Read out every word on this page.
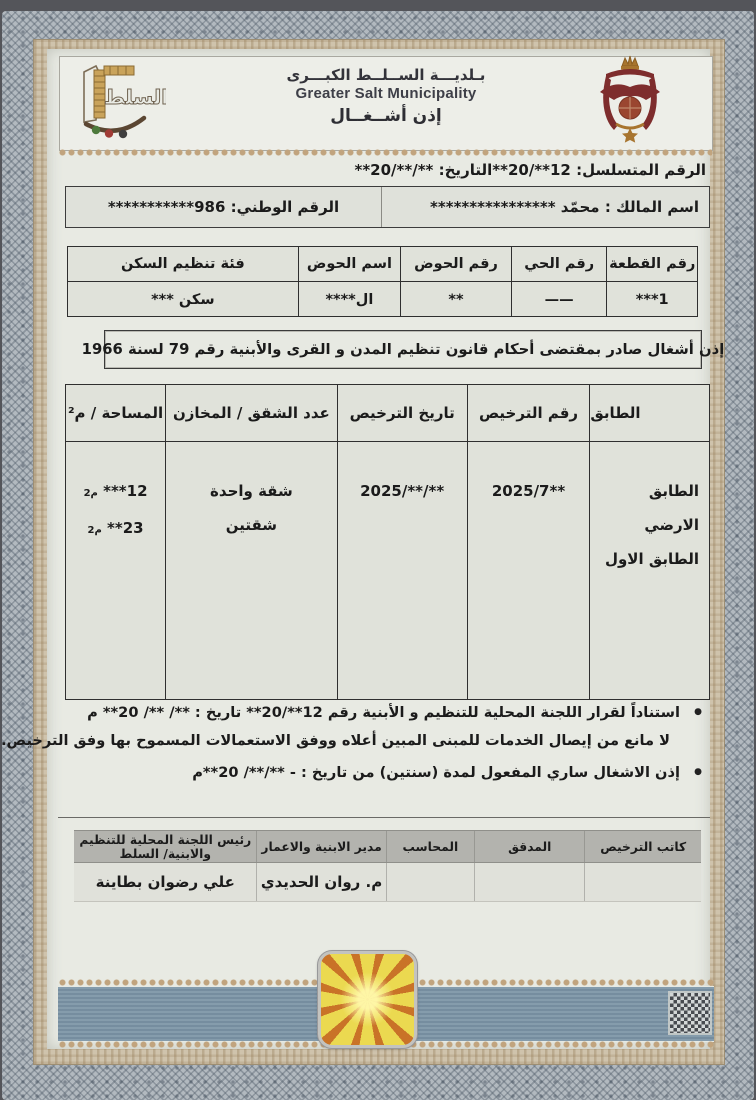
بـلديـــة الســلــط الكبـــرى
Greater Salt Municipality
إذن أشــغــال
السلط
الرقم المتسلسل: 12**/20**
التاريخ: **/**/20**
اسم المالك :

محمّد ****************
الرقم الوطني:

986***********
رقم القطعة
رقم الحي
رقم الحوض
اسم الحوض
فئة تنظيم السكن
1***
——
**
ال****
سكن ***
إذن أشغال صادر بمقتضى أحكام قانون تنظيم المدن و القرى والأبنية رقم 79 لسنة 1966
الطابق
رقم الترخيص
تاريخ الترخيص
عدد الشقق / المخازن
المساحة / م²
الطابق الارضي
الطابق الاول
2025/7**
2025/**/**
شقة واحدة
شقتين
12*** م2
23** م2
● استناداً لقرار اللجنة المحلية للتنظيم و الأبنية رقم 12**/20** تاريخ : **/ **/ 20** م
لا مانع من إيصال الخدمات للمبنى المبين أعلاه ووفق الاستعمالات المسموح بها وفق الترخيص.
● إذن الاشغال ساري المفعول لمدة (سنتين) من تاريخ : - **/**/ 20**م
كاتب الترخيص
المدقق
المحاسب
مدير الابنية والاعمار
رئيس اللجنة المحلية للتنظيم والابنية/ السلط
م. روان الحديدي
علي رضوان بطاينة
